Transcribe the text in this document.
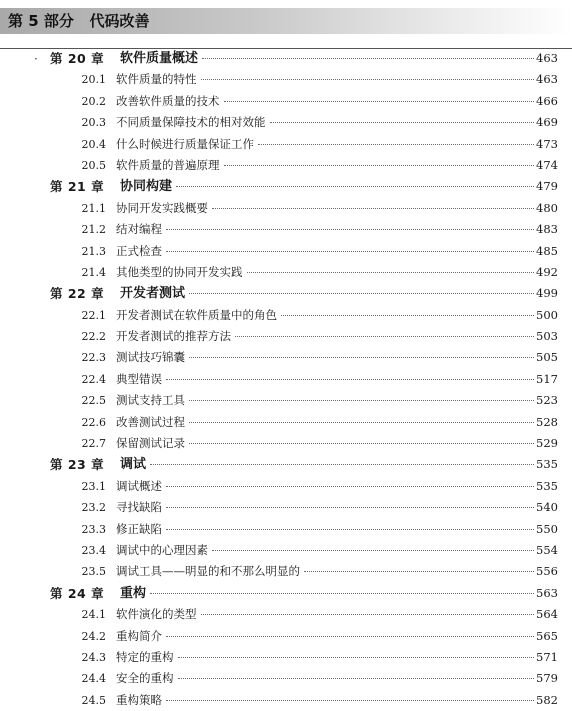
第 5 部分   代码改善
· 第 20 章	软件质量概述	463
20.1 软件质量的特性	463
20.2 改善软件质量的技术	466
20.3 不同质量保障技术的相对效能	469
20.4 什么时候进行质量保证工作	473
20.5 软件质量的普遍原理	474
第 21 章	协同构建	479
21.1 协同开发实践概要	480
21.2 结对编程	483
21.3 正式检查	485
21.4 其他类型的协同开发实践	492
第 22 章	开发者测试	499
22.1 开发者测试在软件质量中的角色	500
22.2 开发者测试的推荐方法	503
22.3 测试技巧锦囊	505
22.4 典型错误	517
22.5 测试支持工具	523
22.6 改善测试过程	528
22.7 保留测试记录	529
第 23 章	调试	535
23.1 调试概述	535
23.2 寻找缺陷	540
23.3 修正缺陷	550
23.4 调试中的心理因素	554
23.5 调试工具——明显的和不那么明显的	556
第 24 章	重构	563
24.1 软件演化的类型	564
24.2 重构简介	565
24.3 特定的重构	571
24.4 安全的重构	579
24.5 重构策略	582
